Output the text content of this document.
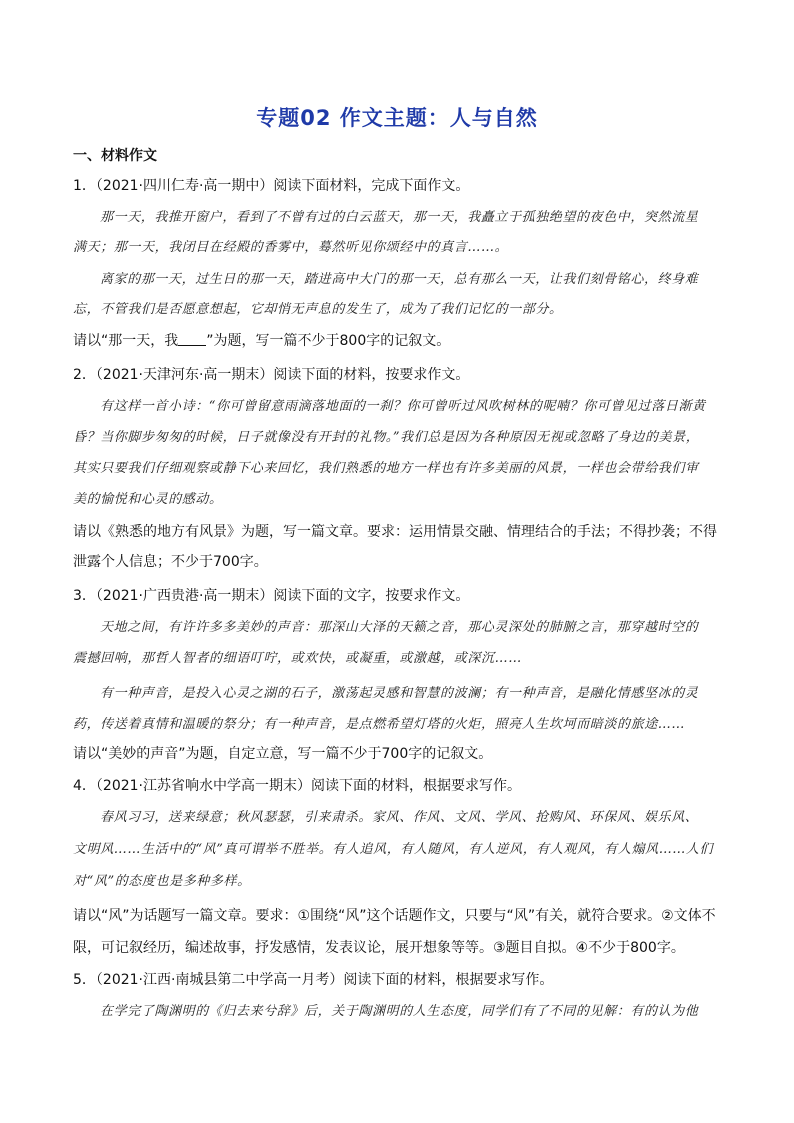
专题02 作文主题：人与自然
一、材料作文
1．（2021·四川仁寿·高一期中）阅读下面材料，完成下面作文。
那一天，我推开窗户，看到了不曾有过的白云蓝天，那一天，我矗立于孤独绝望的夜色中，突然流星
满天；那一天，我闭目在经殿的香雾中，蓦然听见你颂经中的真言……。
离家的那一天，过生日的那一天，踏进高中大门的那一天，总有那么一天，让我们刻骨铭心，终身难
忘，不管我们是否愿意想起，它却悄无声息的发生了，成为了我们记忆的一部分。
请以“那一天，我 ”为题，写一篇不少于800字的记叙文。
2．（2021·天津河东·高一期末）阅读下面的材料，按要求作文。
有这样一首小诗：“你可曾留意雨滴落地面的一刹？你可曾听过风吹树林的呢喃？你可曾见过落日渐黄
昏？当你脚步匆匆的时候，日子就像没有开封的礼物。”我们总是因为各种原因无视或忽略了身边的美景，
其实只要我们仔细观察或静下心来回忆，我们熟悉的地方一样也有许多美丽的风景，一样也会带给我们审
美的愉悦和心灵的感动。
请以《熟悉的地方有风景》为题，写一篇文章。要求：运用情景交融、情理结合的手法；不得抄袭；不得
泄露个人信息；不少于700字。
3．（2021·广西贵港·高一期末）阅读下面的文字，按要求作文。
天地之间，有许许多多美妙的声音：那深山大泽的天籁之音，那心灵深处的肺腑之言，那穿越时空的
震撼回响，那哲人智者的细语叮咛，或欢快，或凝重，或激越，或深沉……
有一种声音，是投入心灵之湖的石子，激荡起灵感和智慧的波澜；有一种声音，是融化情感坚冰的灵
药，传送着真情和温暖的祭分；有一种声音，是点燃希望灯塔的火炬，照亮人生坎坷而暗淡的旅途……
请以“美妙的声音”为题，自定立意，写一篇不少于700字的记叙文。
4．（2021·江苏省响水中学高一期末）阅读下面的材料，根据要求写作。
春风习习，送来绿意；秋风瑟瑟，引来肃杀。家风、作风、文风、学风、抢购风、环保风、娱乐风、
文明风……生活中的“风”真可谓举不胜举。有人追风，有人随风，有人逆风，有人观风，有人煽风……人们
对“风”的态度也是多种多样。
请以“风”为话题写一篇文章。要求：①围绕“风”这个话题作文，只要与“风”有关，就符合要求。②文体不
限，可记叙经历，编述故事，抒发感情，发表议论，展开想象等等。③题目自拟。④不少于800字。
5．（2021·江西·南城县第二中学高一月考）阅读下面的材料，根据要求写作。
在学完了陶渊明的《归去来兮辞》后，关于陶渊明的人生态度，同学们有了不同的见解：有的认为他
